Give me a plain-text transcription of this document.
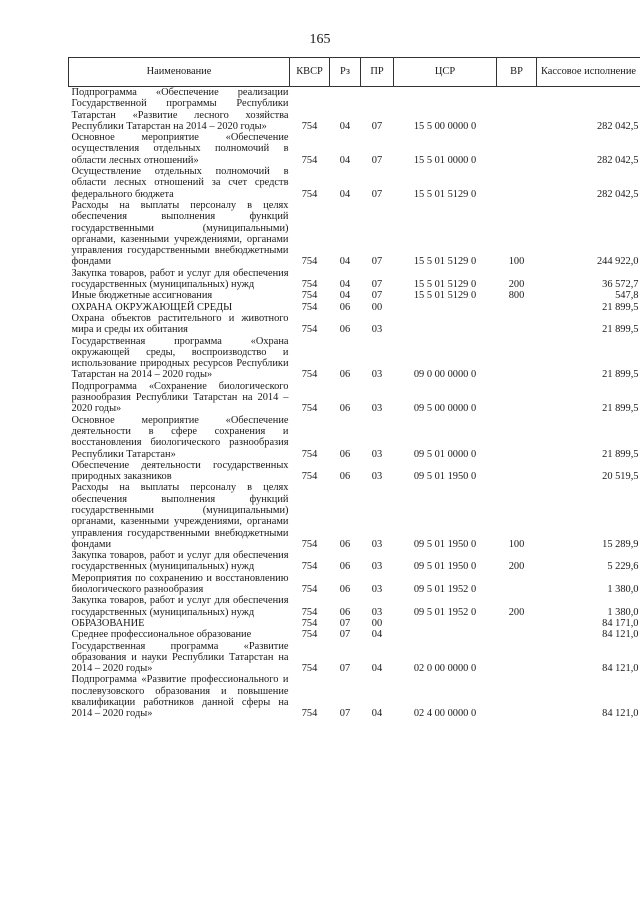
165
Наименование	КВСР	Рз	ПР	ЦСР	ВР	Кассовое исполнение
Подпрограмма «Обеспечение реализации Государственной программы Республики Татарстан «Развитие лесного хозяйства Республики Татарстан на 2014 – 2020 годы»	754	04	07	15 5 00 0000 0		282 042,5
Основное мероприятие «Обеспечение осуществления отдельных полномочий в области лесных отношений»	754	04	07	15 5 01 0000 0		282 042,5
Осуществление отдельных полномочий в области лесных отношений за счет средств федерального бюджета	754	04	07	15 5 01 5129 0		282 042,5
Расходы на выплаты персоналу в целях обеспечения выполнения функций государственными (муниципальными) органами, казенными учреждениями, органами управления государственными внебюджетными фондами	754	04	07	15 5 01 5129 0	100	244 922,0
Закупка товаров, работ и услуг для обеспечения государственных (муниципальных) нужд	754	04	07	15 5 01 5129 0	200	36 572,7
Иные бюджетные ассигнования	754	04	07	15 5 01 5129 0	800	547,8
ОХРАНА ОКРУЖАЮЩЕЙ СРЕДЫ	754	06	00			21 899,5
Охрана объектов растительного и животного мира и среды их обитания	754	06	03			21 899,5
Государственная программа «Охрана окружающей среды, воспроизводство и использование природных ресурсов Республики Татарстан на 2014 – 2020 годы»	754	06	03	09 0 00 0000 0		21 899,5
Подпрограмма «Сохранение биологического разнообразия Республики Татарстан на 2014 – 2020 годы»	754	06	03	09 5 00 0000 0		21 899,5
Основное мероприятие «Обеспечение деятельности в сфере сохранения и восстановления биологического разнообразия Республики Татарстан»	754	06	03	09 5 01 0000 0		21 899,5
Обеспечение деятельности государственных природных заказников	754	06	03	09 5 01 1950 0		20 519,5
Расходы на выплаты персоналу в целях обеспечения выполнения функций государственными (муниципальными) органами, казенными учреждениями, органами управления государственными внебюджетными фондами	754	06	03	09 5 01 1950 0	100	15 289,9
Закупка товаров, работ и услуг для обеспечения государственных (муниципальных) нужд	754	06	03	09 5 01 1950 0	200	5 229,6
Мероприятия по сохранению и восстановлению биологического разнообразия	754	06	03	09 5 01 1952 0		1 380,0
Закупка товаров, работ и услуг для обеспечения государственных (муниципальных) нужд	754	06	03	09 5 01 1952 0	200	1 380,0
ОБРАЗОВАНИЕ	754	07	00			84 171,0
Среднее профессиональное образование	754	07	04			84 121,0
Государственная программа «Развитие образования и науки Республики Татарстан на 2014 – 2020 годы»	754	07	04	02 0 00 0000 0		84 121,0
Подпрограмма «Развитие профессионального и послевузовского образования и повышение квалификации работников данной сферы на 2014 – 2020 годы»	754	07	04	02 4 00 0000 0		84 121,0
